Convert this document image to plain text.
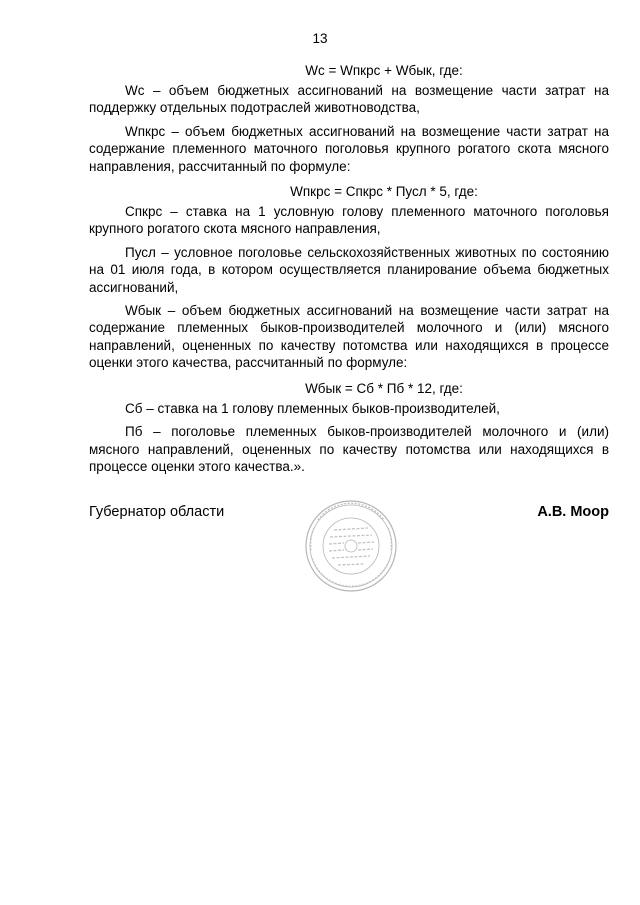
13

Wc = Wпкрс + Wбык, где:

Wc – объем бюджетных ассигнований на возмещение части затрат на поддержку отдельных подотраслей животноводства,

Wпкрс – объем бюджетных ассигнований на возмещение части затрат на содержание племенного маточного поголовья крупного рогатого скота мясного направления, рассчитанный по формуле:

Wпкрс = Спкрс * Пусл * 5, где:

Спкрс – ставка на 1 условную голову племенного маточного поголовья крупного рогатого скота мясного направления,

Пусл – условное поголовье сельскохозяйственных животных по состоянию на 01 июля года, в котором осуществляется планирование объема бюджетных ассигнований,

Wбык – объем бюджетных ассигнований на возмещение части затрат на содержание племенных быков-производителей молочного и (или) мясного направлений, оцененных по качеству потомства или находящихся в процессе оценки этого качества, рассчитанный по формуле:

Wбык = Сб * Пб * 12, где:

Сб – ставка на 1 голову племенных быков-производителей,

Пб – поголовье племенных быков-производителей молочного и (или) мясного направлений, оцененных по качеству потомства или находящихся в процессе оценки этого качества.».

Губернатор области	А.В. Моор
